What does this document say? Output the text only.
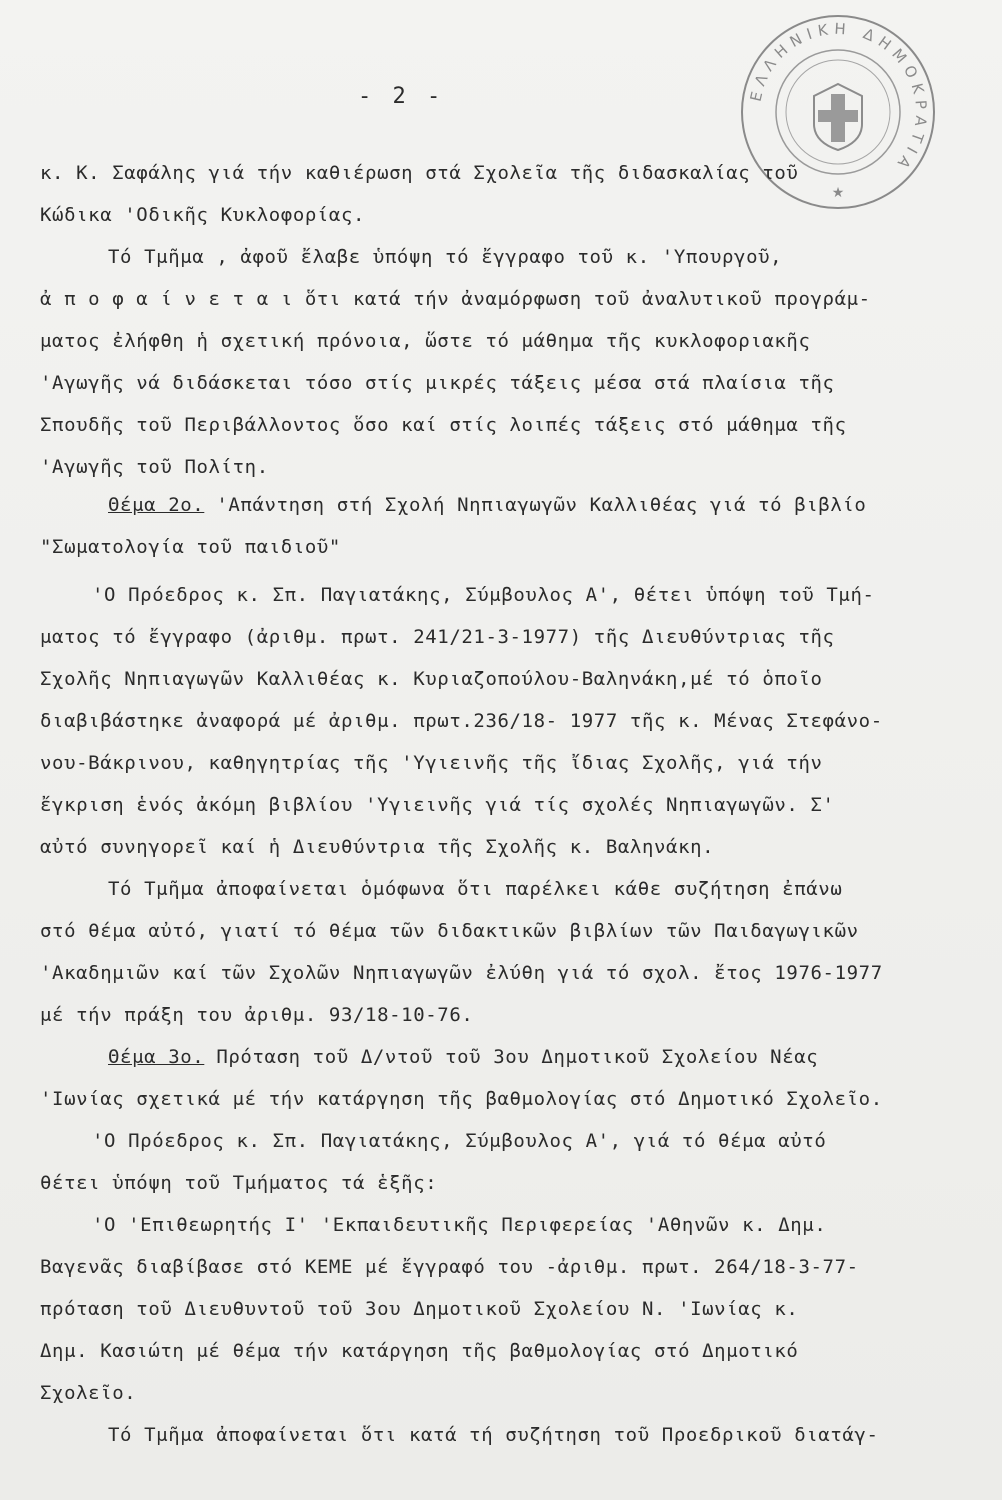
ΕΛΛΗΝΙΚΗ ΔΗΜΟΚΡΑΤΙΑ
★
- 2 -
κ. Κ. Σαφάλης γιά τήν καθιέρωση στά Σχολεῖα τῆς διδασκαλίας τοῦ
Κώδικα 'Οδικῆς Κυκλοφορίας.
Τό Τμῆμα , ἀφοῦ ἔλαβε ὑπόψη τό ἔγγραφο τοῦ κ. 'Υπουργοῦ,
ἀ π ο φ α ί ν ε τ α ι ὅτι κατά τήν ἀναμόρφωση τοῦ ἀναλυτικοῦ προγράμ-
ματος ἐλήφθη ἡ σχετική πρόνοια, ὥστε τό μάθημα τῆς κυκλοφοριακῆς
'Αγωγῆς νά διδάσκεται τόσο στίς μικρές τάξεις μέσα στά πλαίσια τῆς
Σπουδῆς τοῦ Περιβάλλοντος ὅσο καί στίς λοιπές τάξεις στό μάθημα τῆς
'Αγωγῆς τοῦ Πολίτη.
Θέμα 2ο. 'Απάντηση στή Σχολή Νηπιαγωγῶν Καλλιθέας γιά τό βιβλίο
"Σωματολογία τοῦ παιδιοῦ"
'Ο Πρόεδρος κ. Σπ. Παγιατάκης, Σύμβουλος Α', θέτει ὑπόψη τοῦ Τμή-
ματος τό ἔγγραφο (ἀριθμ. πρωτ. 241/21-3-1977) τῆς Διευθύντριας τῆς
Σχολῆς Νηπιαγωγῶν Καλλιθέας κ. Κυριαζοπούλου-Βαληνάκη,μέ τό ὁποῖο
διαβιβάστηκε ἀναφορά μέ ἀριθμ. πρωτ.236/18- 1977 τῆς κ. Μένας Στεφάνο-
νου-Βάκρινου, καθηγητρίας τῆς 'Υγιεινῆς τῆς ἴδιας Σχολῆς, γιά τήν
ἔγκριση ἑνός ἀκόμη βιβλίου 'Υγιεινῆς γιά τίς σχολές Νηπιαγωγῶν. Σ'
αὐτό συνηγορεῖ καί ἡ Διευθύντρια τῆς Σχολῆς κ. Βαληνάκη.
Τό Τμῆμα ἀποφαίνεται ὁμόφωνα ὅτι παρέλκει κάθε συζήτηση ἐπάνω
στό θέμα αὐτό, γιατί τό θέμα τῶν διδακτικῶν βιβλίων τῶν Παιδαγωγικῶν
'Ακαδημιῶν καί τῶν Σχολῶν Νηπιαγωγῶν ἐλύθη γιά τό σχολ. ἔτος 1976-1977
μέ τήν πράξη του ἀριθμ. 93/18-10-76.
Θέμα 3ο. Πρόταση τοῦ Δ/ντοῦ τοῦ 3ου Δημοτικοῦ Σχολείου Νέας
'Ιωνίας σχετικά μέ τήν κατάργηση τῆς βαθμολογίας στό Δημοτικό Σχολεῖο.
'Ο Πρόεδρος κ. Σπ. Παγιατάκης, Σύμβουλος Α', γιά τό θέμα αὐτό
θέτει ὑπόψη τοῦ Τμήματος τά ἑξῆς:
'Ο 'Επιθεωρητής Ι' 'Εκπαιδευτικῆς Περιφερείας 'Αθηνῶν κ. Δημ.
Βαγενᾶς διαβίβασε στό ΚΕΜΕ μέ ἔγγραφό του -ἀριθμ. πρωτ. 264/18-3-77-
πρόταση τοῦ Διευθυντοῦ τοῦ 3ου Δημοτικοῦ Σχολείου Ν. 'Ιωνίας κ.
Δημ. Κασιώτη μέ θέμα τήν κατάργηση τῆς βαθμολογίας στό Δημοτικό
Σχολεῖο.
Τό Τμῆμα ἀποφαίνεται ὅτι κατά τή συζήτηση τοῦ Προεδρικοῦ διατάγ-
